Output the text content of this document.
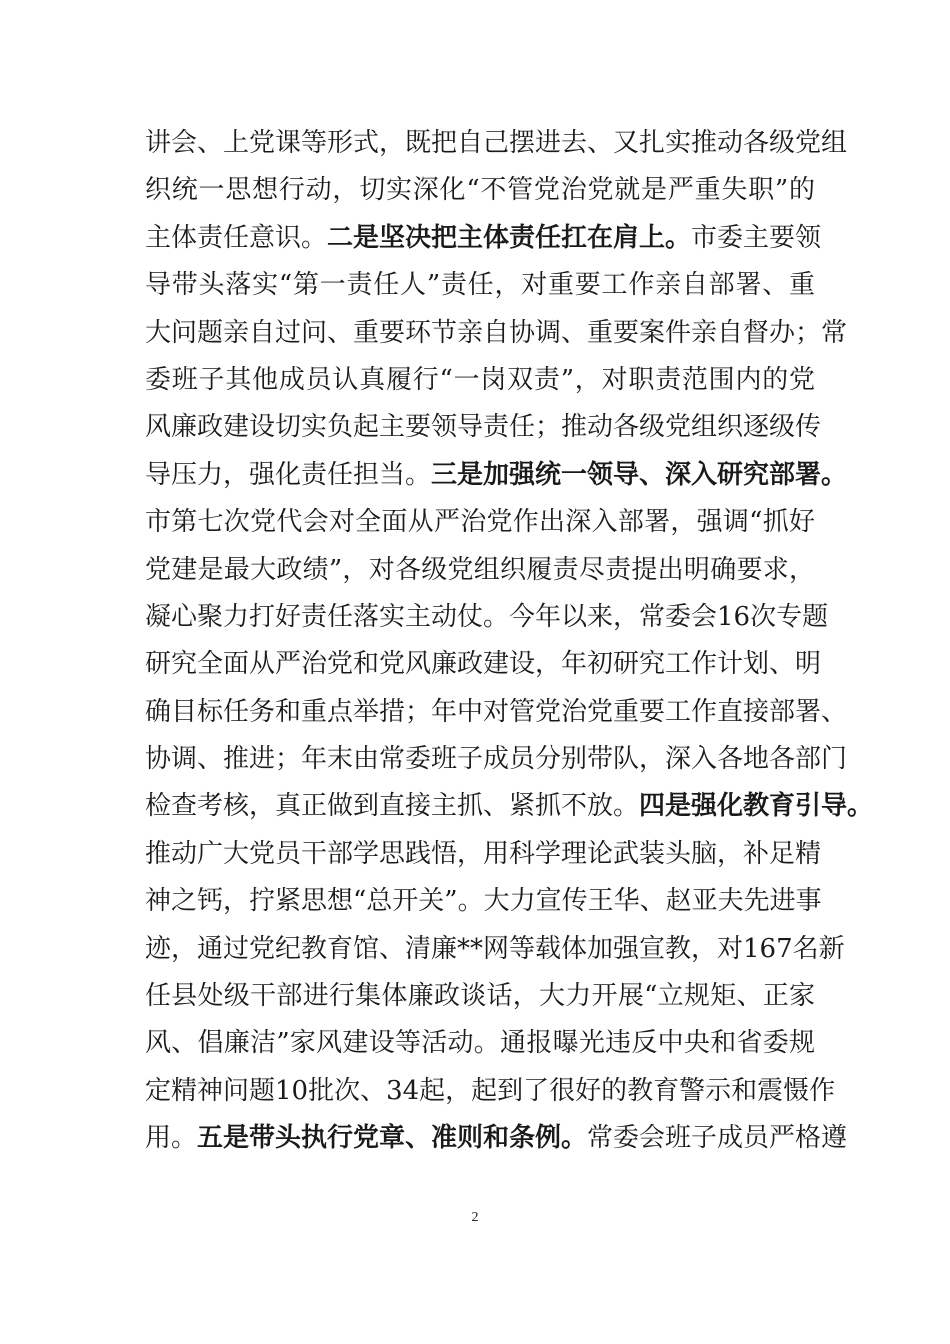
讲会、上党课等形式，既把自己摆进去、又扎实推动各级党组
织统一思想行动，切实深化“不管党治党就是严重失职”的
主体责任意识。二是坚决把主体责任扛在肩上。市委主要领
导带头落实“第一责任人”责任，对重要工作亲自部署、重
大问题亲自过问、重要环节亲自协调、重要案件亲自督办；常
委班子其他成员认真履行“一岗双责”，对职责范围内的党
风廉政建设切实负起主要领导责任；推动各级党组织逐级传
导压力，强化责任担当。三是加强统一领导、深入研究部署。
市第七次党代会对全面从严治党作出深入部署，强调“抓好
党建是最大政绩”，对各级党组织履责尽责提出明确要求，
凝心聚力打好责任落实主动仗。今年以来，常委会16次专题
研究全面从严治党和党风廉政建设，年初研究工作计划、明
确目标任务和重点举措；年中对管党治党重要工作直接部署、
协调、推进；年末由常委班子成员分别带队，深入各地各部门
检查考核，真正做到直接主抓、紧抓不放。四是强化教育引导。
推动广大党员干部学思践悟，用科学理论武装头脑，补足精
神之钙，拧紧思想“总开关”。大力宣传王华、赵亚夫先进事
迹，通过党纪教育馆、清廉**网等载体加强宣教，对167名新
任县处级干部进行集体廉政谈话，大力开展“立规矩、正家
风、倡廉洁”家风建设等活动。通报曝光违反中央和省委规
定精神问题10批次、34起，起到了很好的教育警示和震慑作
用。五是带头执行党章、准则和条例。常委会班子成员严格遵
2
